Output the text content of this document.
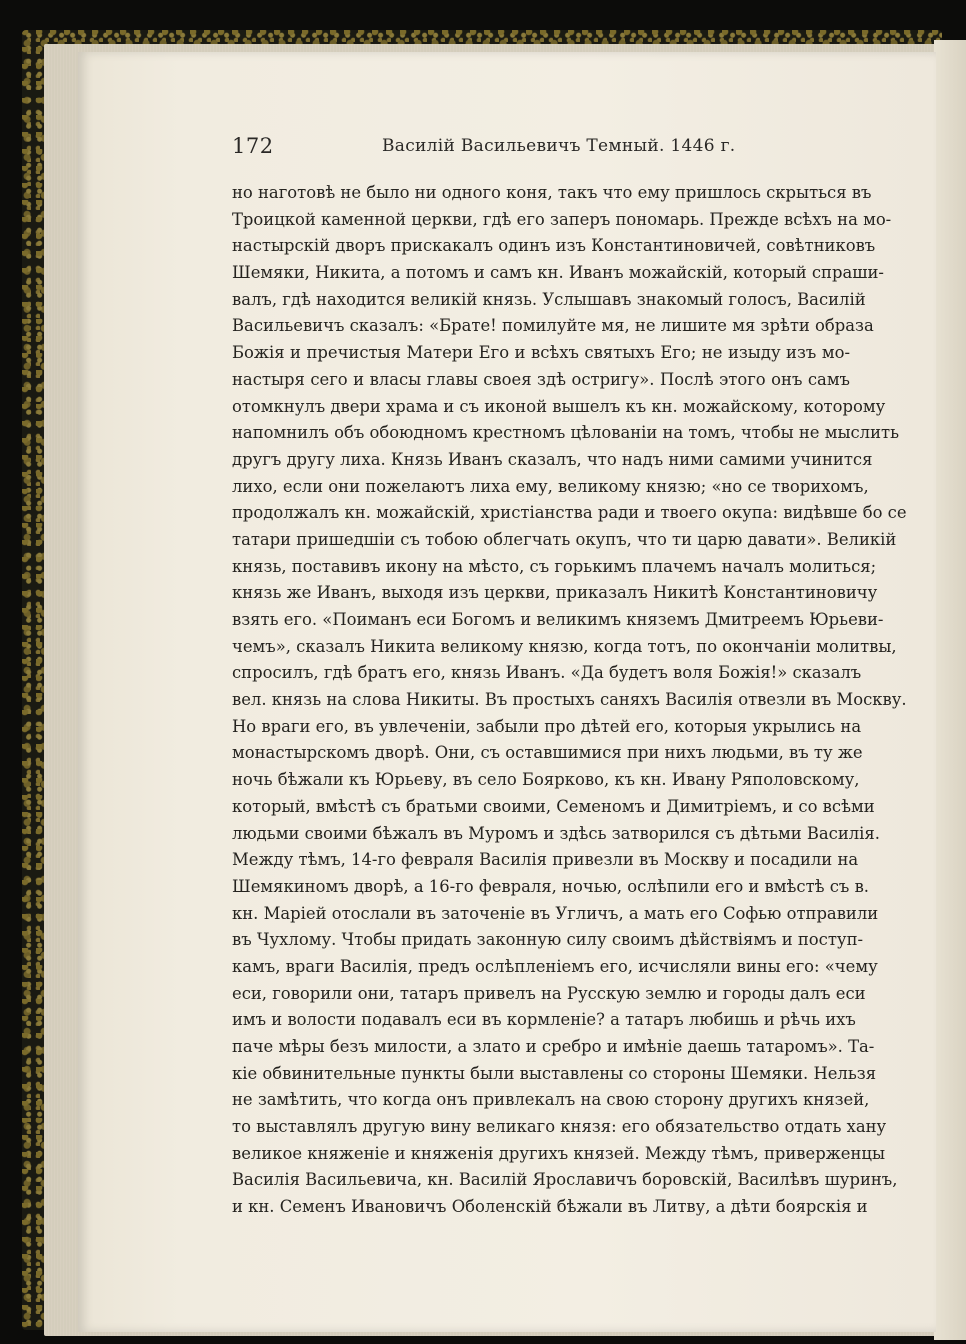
172	Василій Васильевичъ Темный. 1446 г.
но наготовѣ не было ни одного коня, такъ что ему пришлось скрыться въ
Троицкой каменной церкви, гдѣ его заперъ пономарь. Прежде всѣхъ на мо-
настырскій дворъ прискакалъ одинъ изъ Константиновичей, совѣтниковъ
Шемяки, Никита, а потомъ и самъ кн. Иванъ можайскій, который спраши-
валъ, гдѣ находится великій князь. Услышавъ знакомый голосъ, Василій
Васильевичъ сказалъ: «Брате! помилуйте мя, не лишите мя зрѣти образа
Божія и пречистыя Матери Его и всѣхъ святыхъ Его; не изыду изъ мо-
настыря сего и власы главы своея здѣ остригу». Послѣ этого онъ самъ
отомкнулъ двери храма и съ иконой вышелъ къ кн. можайскому, которому
напомнилъ объ обоюдномъ крестномъ цѣлованіи на томъ, чтобы не мыслить
другъ другу лиха. Князь Иванъ сказалъ, что надъ ними самими учинится
лихо, если они пожелаютъ лиха ему, великому князю; «но се творихомъ,
продолжалъ кн. можайскій, христіанства ради и твоего окупа: видѣвше бо се
татари пришедшіи съ тобою облегчать окупъ, что ти царю давати». Великій
князь, поставивъ икону на мѣсто, съ горькимъ плачемъ началъ молиться;
князь же Иванъ, выходя изъ церкви, приказалъ Никитѣ Константиновичу
взять его. «Поиманъ еси Богомъ и великимъ княземъ Дмитреемъ Юрьеви-
чемъ», сказалъ Никита великому князю, когда тотъ, по окончаніи молитвы,
спросилъ, гдѣ братъ его, князь Иванъ. «Да будетъ воля Божія!» сказалъ
вел. князь на слова Никиты. Въ простыхъ саняхъ Василія отвезли въ Москву.
Но враги его, въ увлеченіи, забыли про дѣтей его, которыя укрылись на
монастырскомъ дворѣ. Они, съ оставшимися при нихъ людьми, въ ту же
ночь бѣжали къ Юрьеву, въ село Боярково, къ кн. Ивану Ряполовскому,
который, вмѣстѣ съ братьми своими, Семеномъ и Димитріемъ, и со всѣми
людьми своими бѣжалъ въ Муромъ и здѣсь затворился съ дѣтьми Василія.
Между тѣмъ, 14-го февраля Василія привезли въ Москву и посадили на
Шемякиномъ дворѣ, а 16-го февраля, ночью, ослѣпили его и вмѣстѣ съ в.
кн. Маріей отослали въ заточеніе въ Угличъ, а мать его Софью отправили
въ Чухлому. Чтобы придать законную силу своимъ дѣйствіямъ и поступ-
камъ, враги Василія, предъ ослѣпленіемъ его, исчисляли вины его: «чему
еси, говорили они, татаръ привелъ на Русскую землю и городы далъ еси
имъ и волости подавалъ еси въ кормленіе? а татаръ любишь и рѣчь ихъ
паче мѣры безъ милости, а злато и сребро и имѣніе даешь татаромъ». Та-
кіе обвинительные пункты были выставлены со стороны Шемяки. Нельзя
не замѣтить, что когда онъ привлекалъ на свою сторону другихъ князей,
то выставлялъ другую вину великаго князя: его обязательство отдать хану
великое княженіе и княженія другихъ князей. Между тѣмъ, приверженцы
Василія Васильевича, кн. Василій Ярославичъ боровскій, Василѣвъ шуринъ,
и кн. Семенъ Ивановичъ Оболенскій бѣжали въ Литву, а дѣти боярскія и
